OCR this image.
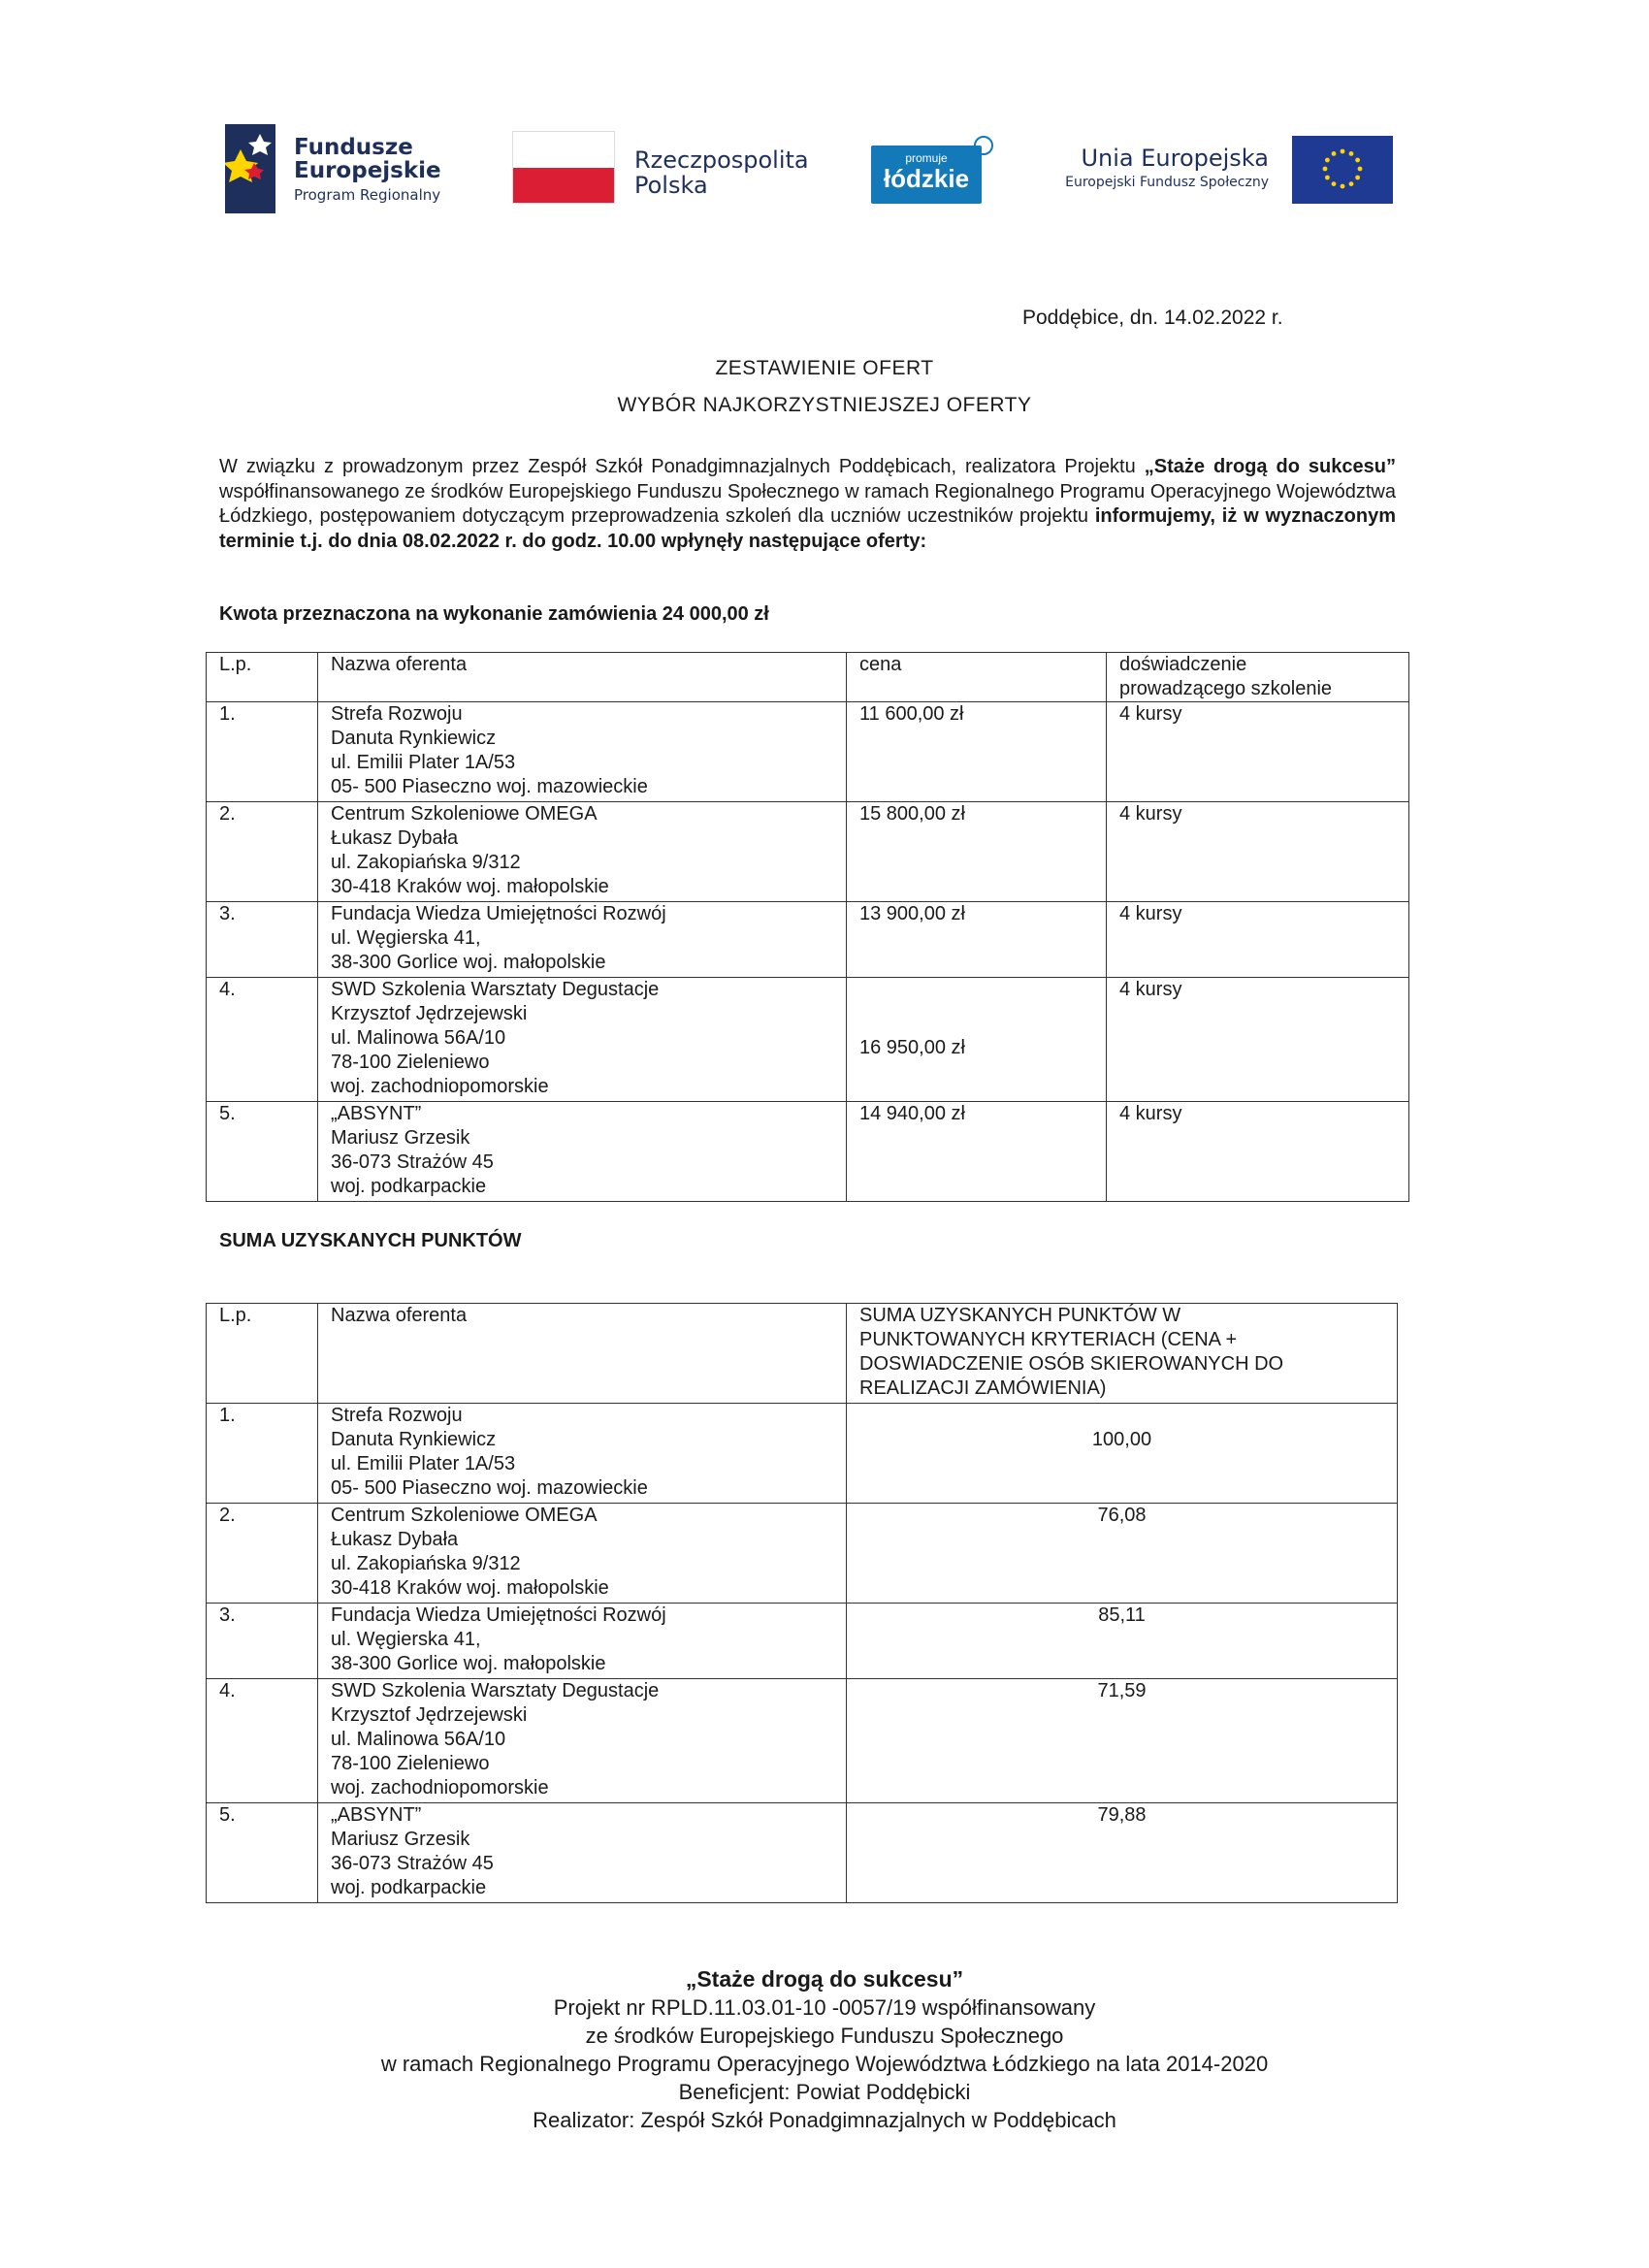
Fundusze
Europejskie
Program Regionalny
Rzeczpospolita
Polska
promuje
łódzkie
Unia Europejska
Europejski Fundusz Społeczny
Poddębice, dn. 14.02.2022 r.
ZESTAWIENIE OFERT
WYBÓR NAJKORZYSTNIEJSZEJ OFERTY
W związku z prowadzonym przez Zespół Szkół Ponadgimnazjalnych Poddębicach, realizatora Projektu „Staże drogą do sukcesu” współfinansowanego ze środków Europejskiego Funduszu Społecznego w ramach Regionalnego Programu Operacyjnego Województwa Łódzkiego, postępowaniem dotyczącym przeprowadzenia szkoleń dla uczniów uczestników projektu informujemy, iż w wyznaczonym terminie t.j. do dnia 08.02.2022 r. do godz. 10.00 wpłynęły następujące oferty:
Kwota przeznaczona na wykonanie zamówienia 24 000,00 zł
L.p.	Nazwa oferenta	cena	doświadczenie
prowadzącego szkolenie

1.	Strefa Rozwoju
Danuta Rynkiewicz
ul. Emilii Plater 1A/53
05- 500 Piaseczno woj. mazowieckie	11 600,00 zł	4 kursy
2.	Centrum Szkoleniowe OMEGA
Łukasz Dybała
ul. Zakopiańska 9/312
30-418 Kraków woj. małopolskie	15 800,00 zł	4 kursy
3.	Fundacja Wiedza Umiejętności Rozwój
ul. Węgierska 41,
38-300 Gorlice woj. małopolskie	13 900,00 zł	4 kursy
4.	SWD Szkolenia Warsztaty Degustacje
Krzysztof Jędrzejewski
ul. Malinowa 56A/10
78-100 Zieleniewo
woj. zachodniopomorskie	16 950,00 zł	4 kursy
5.	„ABSYNT”
Mariusz Grzesik
36-073 Strażów 45
woj. podkarpackie	14 940,00 zł	4 kursy
SUMA UZYSKANYCH PUNKTÓW
L.p.	Nazwa oferenta	SUMA UZYSKANYCH PUNKTÓW W
PUNKTOWANYCH KRYTERIACH (CENA +
DOSWIADCZENIE OSÓB SKIEROWANYCH DO
REALIZACJI ZAMÓWIENIA)

1.	Strefa Rozwoju
Danuta Rynkiewicz
ul. Emilii Plater 1A/53
05- 500 Piaseczno woj. mazowieckie	100,00

2.	Centrum Szkoleniowe OMEGA
Łukasz Dybała
ul. Zakopiańska 9/312
30-418 Kraków woj. małopolskie	76,08
3.	Fundacja Wiedza Umiejętności Rozwój
ul. Węgierska 41,
38-300 Gorlice woj. małopolskie	85,11
4.	SWD Szkolenia Warsztaty Degustacje
Krzysztof Jędrzejewski
ul. Malinowa 56A/10
78-100 Zieleniewo
woj. zachodniopomorskie	71,59
5.	„ABSYNT”
Mariusz Grzesik
36-073 Strażów 45
woj. podkarpackie	79,88
„Staże drogą do sukcesu”
Projekt nr RPLD.11.03.01-10 -0057/19 współfinansowany
ze środków Europejskiego Funduszu Społecznego
w ramach Regionalnego Programu Operacyjnego Województwa Łódzkiego na lata 2014-2020
Beneficjent: Powiat Poddębicki
Realizator: Zespół Szkół Ponadgimnazjalnych w Poddębicach
